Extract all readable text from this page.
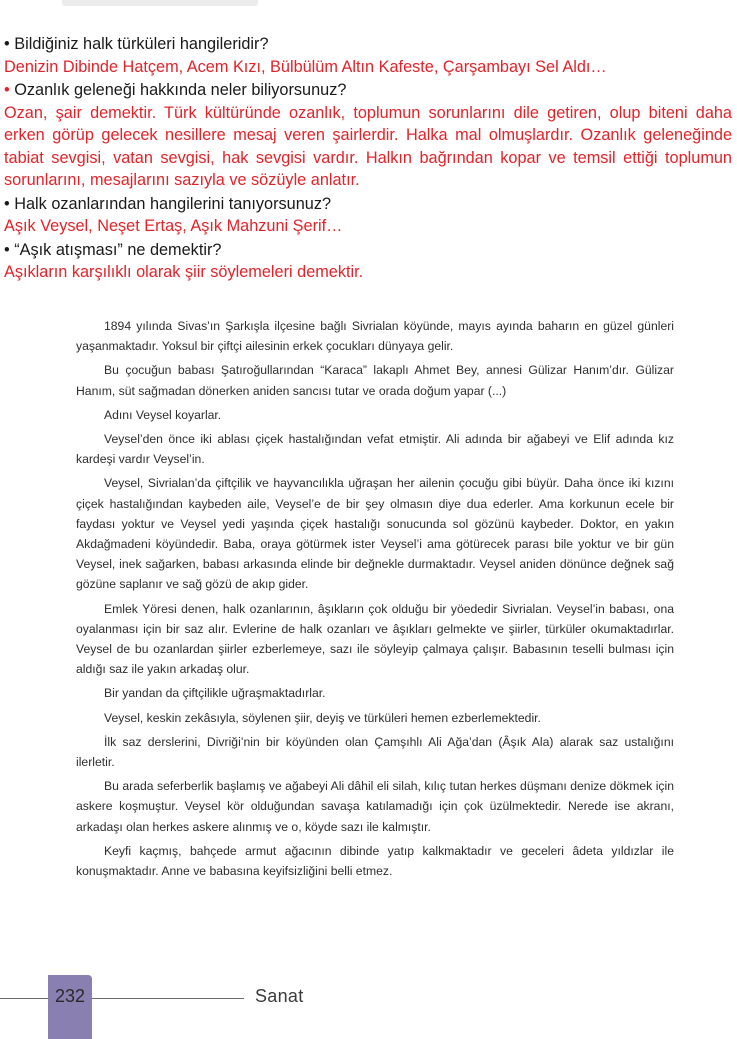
• Bildiğiniz halk türküleri hangileridir?

Denizin Dibinde Hatçem, Acem Kızı, Bülbülüm Altın Kafeste, Çarşambayı Sel Aldı…

• Ozanlık geleneği hakkında neler biliyorsunuz?

Ozan, şair demektir. Türk kültüründe ozanlık, toplumun sorunlarını dile getiren, olup biteni daha erken görüp gelecek nesillere mesaj veren şairlerdir. Halka mal olmuşlardır. Ozanlık geleneğinde tabiat sevgisi, vatan sevgisi, hak sevgisi vardır. Halkın bağrından kopar ve temsil ettiği toplumun sorunlarını, mesajlarını sazıyla ve sözüyle anlatır.

• Halk ozanlarından hangilerini tanıyorsunuz?

Aşık Veysel, Neşet Ertaş, Aşık Mahzuni Şerif…

• “Aşık atışması” ne demektir?

Aşıkların karşılıklı olarak şiir söylemeleri demektir.

1894 yılında Sivas’ın Şarkışla ilçesine bağlı Sivrialan köyünde, mayıs ayında baharın en güzel günleri yaşanmaktadır. Yoksul bir çiftçi ailesinin erkek çocukları dünyaya gelir.

Bu çocuğun babası Şatıroğullarından “Karaca” lakaplı Ahmet Bey, annesi Gülizar Hanım’dır. Gülizar Hanım, süt sağmadan dönerken aniden sancısı tutar ve orada doğum yapar (...)

Adını Veysel koyarlar.

Veysel’den önce iki ablası çiçek hastalığından vefat etmiştir. Ali adında bir ağabeyi ve Elif adında kız kardeşi vardır Veysel’in.

Veysel, Sivrialan’da çiftçilik ve hayvancılıkla uğraşan her ailenin çocuğu gibi büyür. Daha önce iki kızını çiçek hastalığından kaybeden aile, Veysel’e de bir şey olmasın diye dua ederler. Ama korkunun ecele bir faydası yoktur ve Veysel yedi yaşında çiçek hastalığı sonucunda sol gözünü kaybeder. Doktor, en yakın Akdağmadeni köyündedir. Baba, oraya götürmek ister Veysel’i ama götürecek parası bile yoktur ve bir gün Veysel, inek sağarken, babası arkasında elinde bir değnekle durmaktadır. Veysel aniden dönünce değnek sağ gözüne saplanır ve sağ gözü de akıp gider.

Emlek Yöresi denen, halk ozanlarının, âşıkların çok olduğu bir yöededir Sivrialan. Veysel’in babası, ona oyalanması için bir saz alır. Evlerine de halk ozanları ve âşıkları gelmekte ve şiirler, türküler okumaktadırlar. Veysel de bu ozanlardan şiirler ezberlemeye, sazı ile söyleyip çalmaya çalışır. Babasının teselli bulması için aldığı saz ile yakın arkadaş olur.

Bir yandan da çiftçilikle uğraşmaktadırlar.

Veysel, keskin zekâsıyla, söylenen şiir, deyiş ve türküleri hemen ezberlemektedir.

İlk saz derslerini, Divriği’nin bir köyünden olan Çamşıhlı Ali Ağa’dan (Âşık Ala) alarak saz ustalığını ilerletir.

Bu arada seferberlik başlamış ve ağabeyi Ali dâhil eli silah, kılıç tutan herkes düşmanı denize dökmek için askere koşmuştur. Veysel kör olduğundan savaşa katılamadığı için çok üzülmektedir. Nerede ise akranı, arkadaşı olan herkes askere alınmış ve o, köyde sazı ile kalmıştır.

Keyfi kaçmış, bahçede armut ağacının dibinde yatıp kalkmaktadır ve geceleri âdeta yıldızlar ile konuşmaktadır. Anne ve babasına keyifsizliğini belli etmez.

232	Sanat
